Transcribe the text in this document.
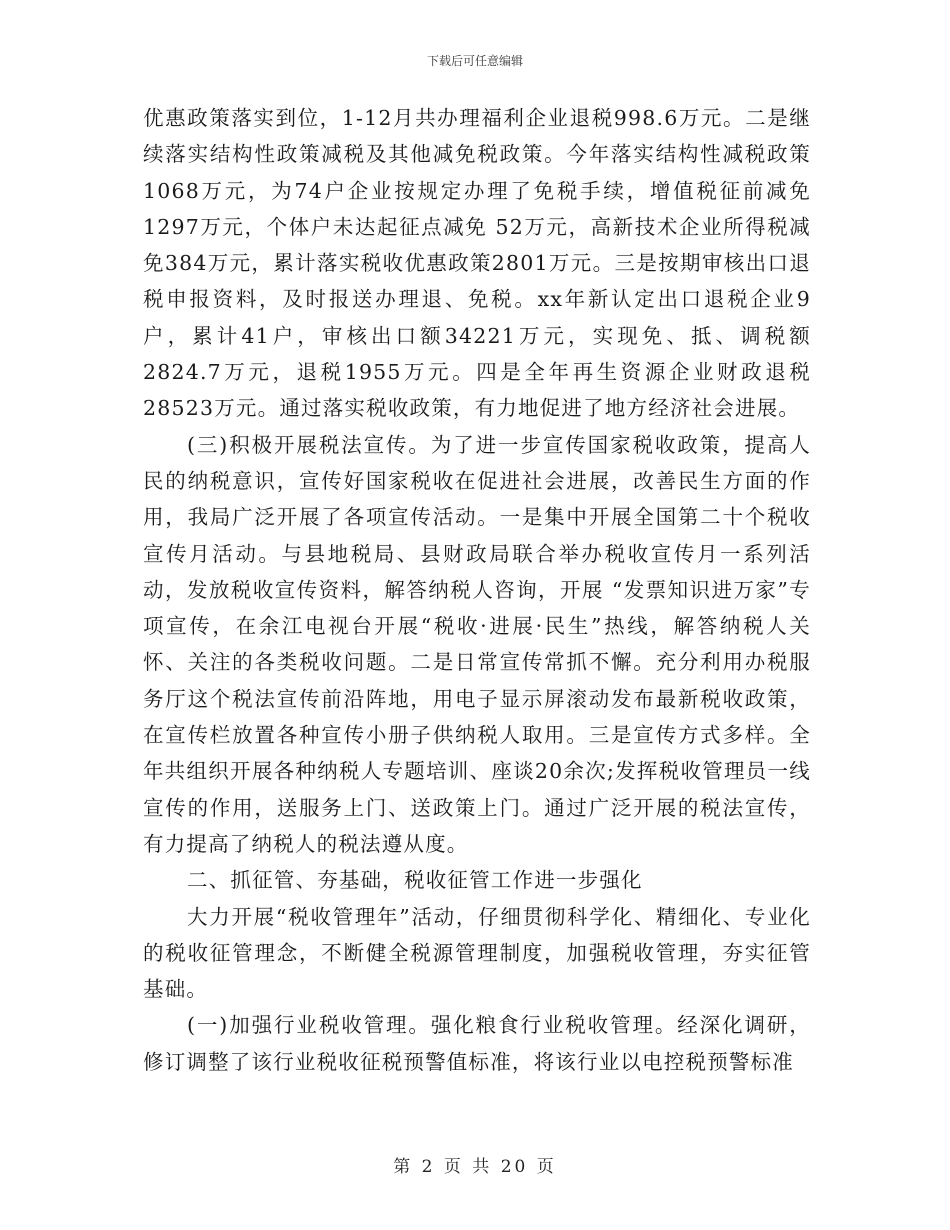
下载后可任意编辑

优惠政策落实到位，1-12月共办理福利企业退税998.6万元。二是继续落实结构性政策减税及其他减免税政策。今年落实结构性减税政策1068万元，为74户企业按规定办理了免税手续，增值税征前减免1297万元，个体户未达起征点减免 52万元，高新技术企业所得税减免384万元，累计落实税收优惠政策2801万元。三是按期审核出口退税申报资料，及时报送办理退、免税。xx年新认定出口退税企业9户，累计41户，审核出口额34221万元，实现免、抵、调税额2824.7万元，退税1955万元。四是全年再生资源企业财政退税28523万元。通过落实税收政策，有力地促进了地方经济社会进展。

(三)积极开展税法宣传。为了进一步宣传国家税收政策，提高人民的纳税意识，宣传好国家税收在促进社会进展，改善民生方面的作用，我局广泛开展了各项宣传活动。一是集中开展全国第二十个税收宣传月活动。与县地税局、县财政局联合举办税收宣传月一系列活动，发放税收宣传资料，解答纳税人咨询，开展 “发票知识进万家”专项宣传，在余江电视台开展“税收·进展·民生”热线，解答纳税人关怀、关注的各类税收问题。二是日常宣传常抓不懈。充分利用办税服务厅这个税法宣传前沿阵地，用电子显示屏滚动发布最新税收政策，在宣传栏放置各种宣传小册子供纳税人取用。三是宣传方式多样。全年共组织开展各种纳税人专题培训、座谈20余次;发挥税收管理员一线宣传的作用，送服务上门、送政策上门。通过广泛开展的税法宣传，有力提高了纳税人的税法遵从度。

二、抓征管、夯基础，税收征管工作进一步强化

大力开展“税收管理年”活动，仔细贯彻科学化、精细化、专业化的税收征管理念，不断健全税源管理制度，加强税收管理，夯实征管基础。

(一)加强行业税收管理。强化粮食行业税收管理。经深化调研，修订调整了该行业税收征税预警值标准，将该行业以电控税预警标准

第 2 页 共 20 页
